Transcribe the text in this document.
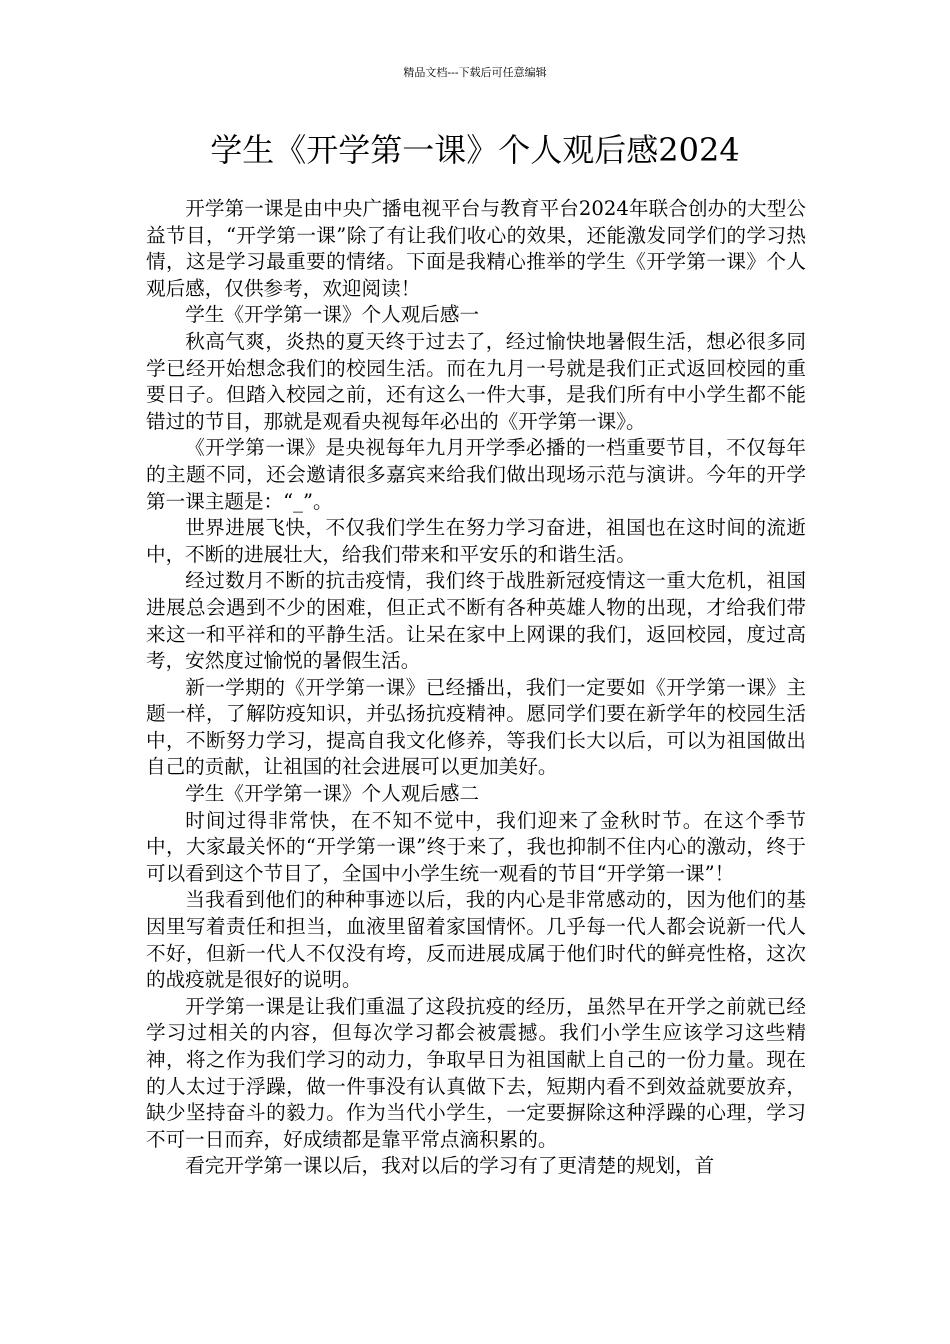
精品文档---下载后可任意编辑
学生《开学第一课》个人观后感2024

开学第一课是由中央广播电视平台与教育平台2024年联合创办的大型公益节目，“开学第一课”除了有让我们收心的效果，还能激发同学们的学习热情，这是学习最重要的情绪。下面是我精心推举的学生《开学第一课》个人观后感，仅供参考，欢迎阅读！

学生《开学第一课》个人观后感一

秋高气爽，炎热的夏天终于过去了，经过愉快地暑假生活，想必很多同学已经开始想念我们的校园生活。而在九月一号就是我们正式返回校园的重要日子。但踏入校园之前，还有这么一件大事，是我们所有中小学生都不能错过的节目，那就是观看央视每年必出的《开学第一课》。

《开学第一课》是央视每年九月开学季必播的一档重要节目，不仅每年的主题不同，还会邀请很多嘉宾来给我们做出现场示范与演讲。今年的开学第一课主题是：“_”。

世界进展飞快，不仅我们学生在努力学习奋进，祖国也在这时间的流逝中，不断的进展壮大，给我们带来和平安乐的和谐生活。

经过数月不断的抗击疫情，我们终于战胜新冠疫情这一重大危机，祖国进展总会遇到不少的困难，但正式不断有各种英雄人物的出现，才给我们带来这一和平祥和的平静生活。让呆在家中上网课的我们，返回校园，度过高考，安然度过愉悦的暑假生活。

新一学期的《开学第一课》已经播出，我们一定要如《开学第一课》主题一样，了解防疫知识，并弘扬抗疫精神。愿同学们要在新学年的校园生活中，不断努力学习，提高自我文化修养，等我们长大以后，可以为祖国做出自己的贡献，让祖国的社会进展可以更加美好。

学生《开学第一课》个人观后感二

时间过得非常快，在不知不觉中，我们迎来了金秋时节。在这个季节中，大家最关怀的“开学第一课”终于来了，我也抑制不住内心的激动，终于可以看到这个节目了，全国中小学生统一观看的节目“开学第一课”！

当我看到他们的种种事迹以后，我的内心是非常感动的，因为他们的基因里写着责任和担当，血液里留着家国情怀。几乎每一代人都会说新一代人不好，但新一代人不仅没有垮，反而进展成属于他们时代的鲜亮性格，这次的战疫就是很好的说明。

开学第一课是让我们重温了这段抗疫的经历，虽然早在开学之前就已经学习过相关的内容，但每次学习都会被震撼。我们小学生应该学习这些精神，将之作为我们学习的动力，争取早日为祖国献上自己的一份力量。现在的人太过于浮躁，做一件事没有认真做下去，短期内看不到效益就要放弃，缺少坚持奋斗的毅力。作为当代小学生，一定要摒除这种浮躁的心理，学习不可一日而弃，好成绩都是靠平常点滴积累的。

看完开学第一课以后，我对以后的学习有了更清楚的规划，首
